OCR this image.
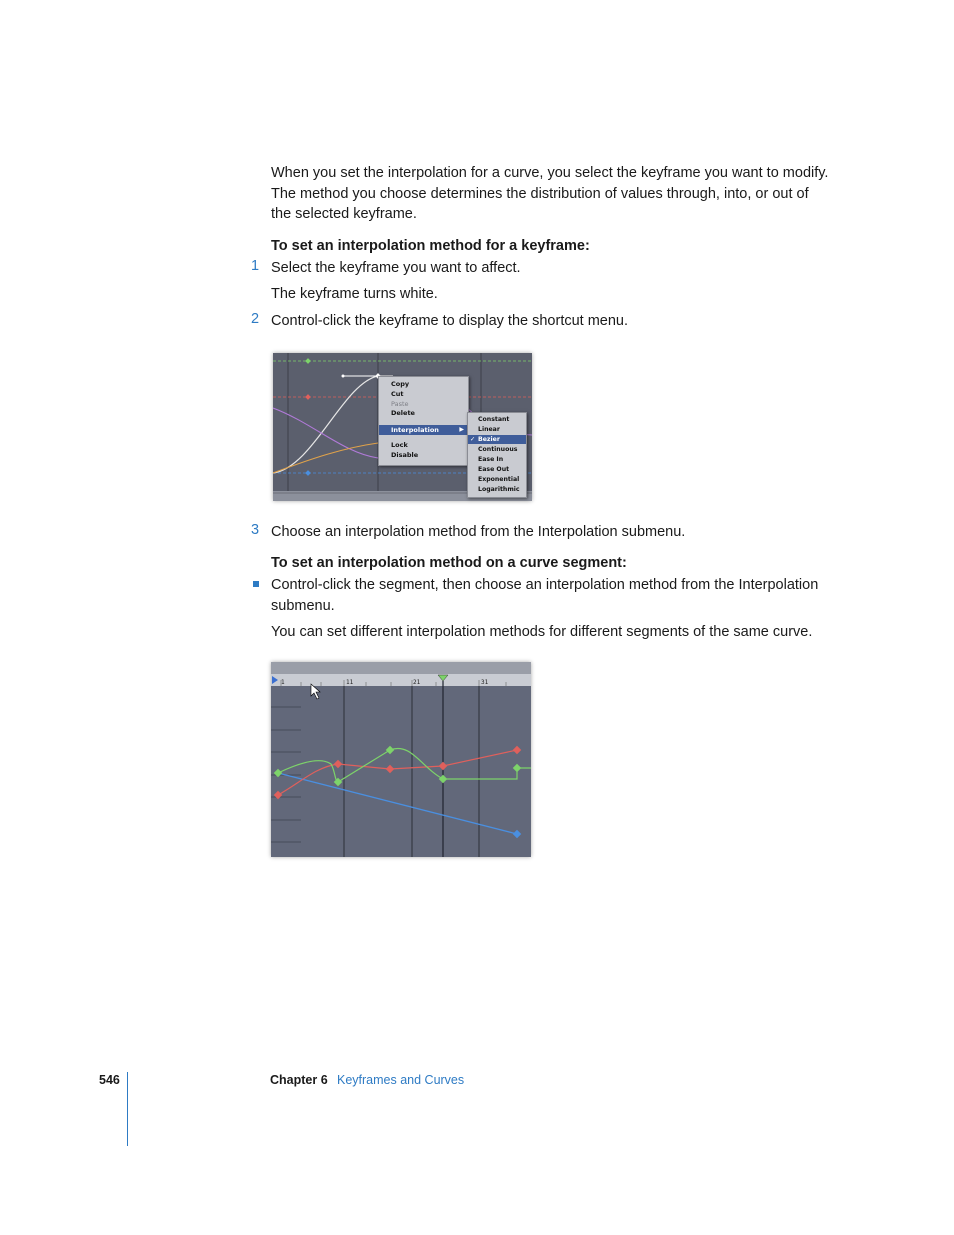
When you set the interpolation for a curve, you select the keyframe you want to modify. The method you choose determines the distribution of values through, into, or out of the selected keyframe.

To set an interpolation method for a keyframe:

1 Select the keyframe you want to affect.

The keyframe turns white.

2 Control-click the keyframe to display the shortcut menu.

Copy
Cut
Paste
Delete
Interpolation	▶
Lock
Disable
Constant
Linear
✓ Bezier
Continuous
Ease In
Ease Out
Exponential
Logarithmic
3 Choose an interpolation method from the Interpolation submenu.

To set an interpolation method on a curve segment:

Control-click the segment, then choose an interpolation method from the Interpolation submenu.

You can set different interpolation methods for different segments of the same curve.

1	11	21	31
546	Chapter 6 Keyframes and Curves
